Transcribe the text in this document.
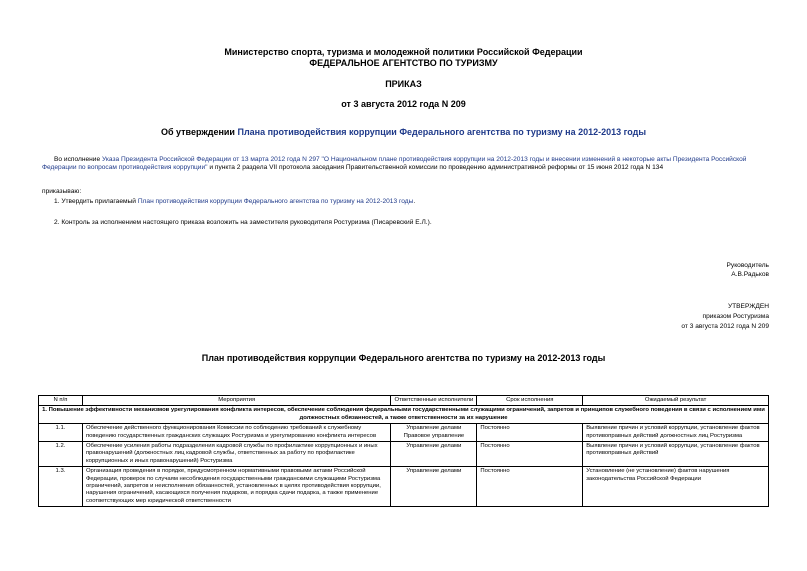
Министерство спорта, туризма и молодежной политики Российской Федерации
ФЕДЕРАЛЬНОЕ АГЕНТСТВО ПО ТУРИЗМУ
ПРИКАЗ
от 3 августа 2012 года N 209
Об утверждении Плана противодействия коррупции Федерального агентства по туризму на 2012-2013 годы
Во исполнение Указа Президента Российской Федерации от 13 марта 2012 года N 297 "О Национальном плане противодействия коррупции на 2012-2013 годы и внесении изменений в некоторые акты Президента Российской Федерации по вопросам противодействия коррупции" и пункта 2 раздела VII протокола заседания Правительственной комиссии по проведению административной реформы от 15 июня 2012 года N 134
приказываю:
1. Утвердить прилагаемый План противодействия коррупции Федерального агентства по туризму на 2012-2013 годы.
2. Контроль за исполнением настоящего приказа возложить на заместителя руководителя Ростуризма (Писаревский Е.Л.).
Руководитель
А.В.Радьков
УТВЕРЖДЕН
приказом Ростуризма
от 3 августа 2012 года N 209
План противодействия коррупции Федерального агентства по туризму на 2012-2013 годы
N п/п	Мероприятия	Ответственные исполнители	Срок исполнения	Ожидаемый результат
1. Повышение эффективности механизмов урегулирования конфликта интересов, обеспечение соблюдения федеральными государственными служащими ограничений, запретов и принципов служебного поведения в связи с исполнением ими должностных обязанностей, а также ответственности за их нарушение				
1.1.	Обеспечение действенного функционирования Комиссии по соблюдению требований к служебному поведению государственных гражданских служащих Ростуризма и урегулированию конфликта интересов	Управление делами Правовое управление	Постоянно	Выявление причин и условий коррупции, установление фактов противоправных действий должностных лиц Ростуризма
1.2.	Обеспечение усиления работы подразделения кадровой службы по профилактике коррупционных и иных правонарушений (должностных лиц кадровой службы, ответственных за работу по профилактике коррупционных и иных правонарушений) Ростуризма	Управление делами	Постоянно	Выявление причин и условий коррупции, установление фактов противоправных действий
1.3.	Организация проведения в порядке, предусмотренном нормативными правовыми актами Российской Федерации, проверок по случаям несоблюдения государственными гражданскими служащими Ростуризма ограничений, запретов и неисполнения обязанностей, установленных в целях противодействия коррупции, нарушения ограничений, касающихся получения подарков, и порядка сдачи подарка, а также применение соответствующих мер юридической ответственности	Управление делами	Постоянно	Установление (не установление) фактов нарушения законодательства Российской Федерации
